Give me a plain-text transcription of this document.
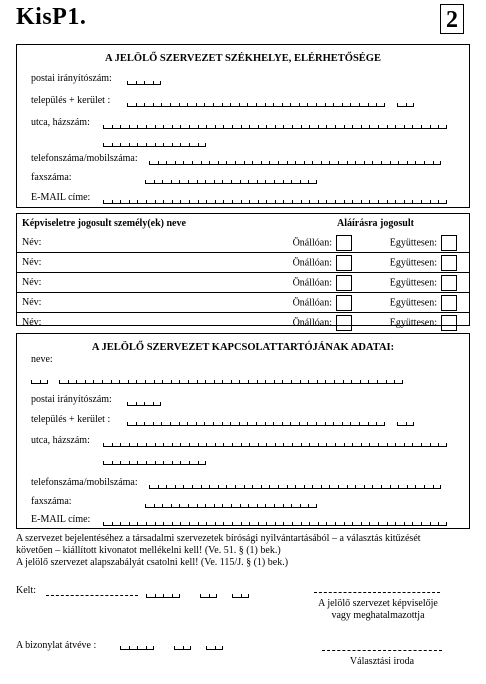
KisP1.	2
A JELÖLŐ SZERVEZET SZÉKHELYE, ELÉRHETŐSÉGE
postai irányítószám:
település + kerület :
utca, házszám:
telefonszáma/mobilszáma:
faxszáma:
E-MAIL címe:
Képviseletre jogosult személy(ek) neve	Aláírásra jogosult
Név:	Önállóan:	Együttesen:
Név:	Önállóan:	Együttesen:
Név:	Önállóan:	Együttesen:
Név:	Önállóan:	Együttesen:
Név:	Önállóan:	Együttesen:
A JELÖLŐ SZERVEZET KAPCSOLATTARTÓJÁNAK ADATAI:
neve:
postai irányítószám:
település + kerület :
utca, házszám:
telefonszáma/mobilszáma:
faxszáma:
E-MAIL címe:
A szervezet bejelentéséhez a társadalmi szervezetek bírósági nyilvántartásából – a választás kitűzését
követően – kiállított kivonatot mellékelni kell! (Ve. 51. § (1) bek.)
A jelölő szervezet alapszabályát csatolni kell! (Ve. 115/J. § (1) bek.)
Kelt:
A jelölő szervezet képviselője
vagy meghatalmazottja
A bizonylat átvéve :
Választási iroda
